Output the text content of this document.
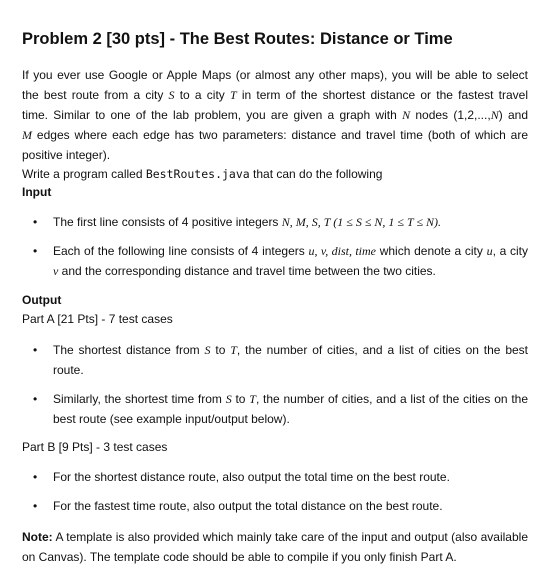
Problem 2 [30 pts] - The Best Routes: Distance or Time
If you ever use Google or Apple Maps (or almost any other maps), you will be able to select
the best route from a city S to a city T in term of the shortest distance or the fastest travel
time. Similar to one of the lab problem, you are given a graph with N nodes (1,2,...,N) and
M edges where each edge has two parameters: distance and travel time (both of which are
positive integer).
Write a program called BestRoutes.java that can do the following
Input
• The first line consists of 4 positive integers N, M, S, T (1 ≤ S ≤ N, 1 ≤ T ≤ N).
• Each of the following line consists of 4 integers u, v, dist, time which denote a city u, a city
v and the corresponding distance and travel time between the two cities.
Output
Part A [21 Pts] - 7 test cases
• The shortest distance from S to T, the number of cities, and a list of cities on the best
route.
• Similarly, the shortest time from S to T, the number of cities, and a list of the cities on the
best route (see example input/output below).
Part B [9 Pts] - 3 test cases
• For the shortest distance route, also output the total time on the best route.
• For the fastest time route, also output the total distance on the best route.
Note: A template is also provided which mainly take care of the input and output (also available
on Canvas). The template code should be able to compile if you only finish Part A.
